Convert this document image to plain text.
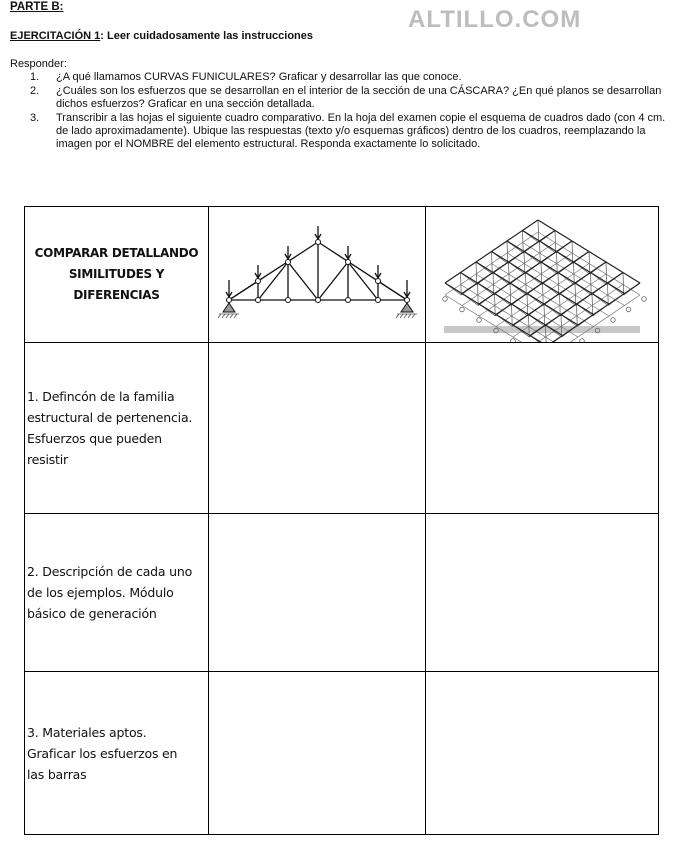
PARTE B:	ALTILLO.COM
EJERCITACIÓN 1: Leer cuidadosamente las instrucciones
Responder:
1. ¿A qué llamamos CURVAS FUNICULARES? Graficar y desarrollar las que conoce.
2. ¿Cuáles son los esfuerzos que se desarrollan en el interior de la sección de una CÁSCARA? ¿En qué planos se desarrollan dichos esfuerzos? Graficar en una sección detallada.
3. Transcribir a las hojas el siguiente cuadro comparativo. En la hoja del examen copie el esquema de cuadros dado (con 4 cm. de lado aproximadamente). Ubique las respuestas (texto y/o esquemas gráficos) dentro de los cuadros, reemplazando la imagen por el NOMBRE del elemento estructural. Responda exactamente lo solicitado.
COMPARAR DETALLANDO
SIMILITUDES Y
DIFERENCIAS

1. Defincón de la familia
estructural de pertenencia.
Esfuerzos que pueden
resistir		

2. Descripción de cada uno
de los ejemplos. Módulo
básico de generación		

3. Materiales aptos.
Graficar los esfuerzos en
las barras		
